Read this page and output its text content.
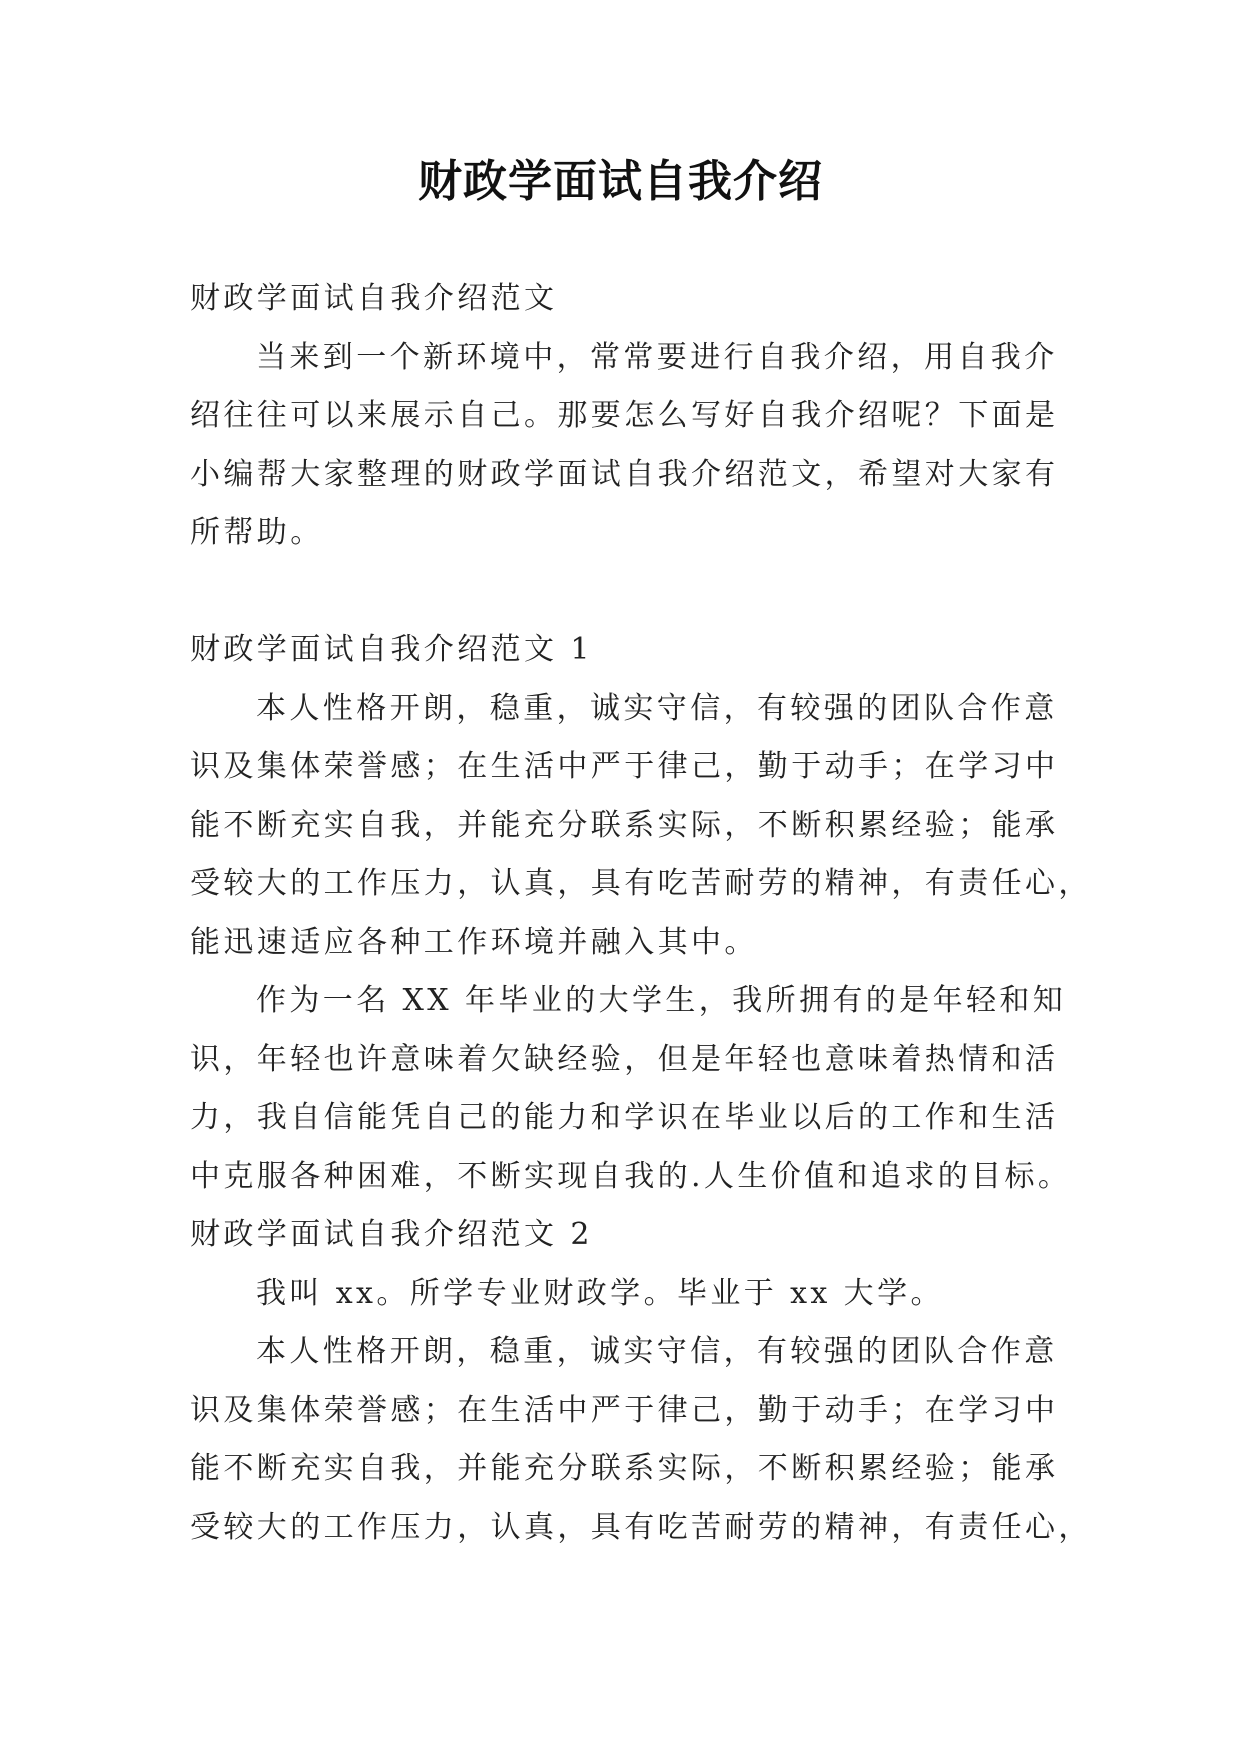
财政学面试自我介绍

财政学面试自我介绍范文

当来到一个新环境中，常常要进行自我介绍，用自我介

绍往往可以来展示自己。那要怎么写好自我介绍呢？下面是

小编帮大家整理的财政学面试自我介绍范文，希望对大家有

所帮助。

财政学面试自我介绍范文 1

本人性格开朗，稳重，诚实守信，有较强的团队合作意

识及集体荣誉感；在生活中严于律己，勤于动手；在学习中

能不断充实自我，并能充分联系实际，不断积累经验；能承

受较大的工作压力，认真，具有吃苦耐劳的精神，有责任心，

能迅速适应各种工作环境并融入其中。

作为一名 XX 年毕业的大学生，我所拥有的是年轻和知

识，年轻也许意味着欠缺经验，但是年轻也意味着热情和活

力，我自信能凭自己的能力和学识在毕业以后的工作和生活

中克服各种困难，不断实现自我的.人生价值和追求的目标。

财政学面试自我介绍范文 2

我叫 xx。所学专业财政学。毕业于 xx 大学。

本人性格开朗，稳重，诚实守信，有较强的团队合作意

识及集体荣誉感；在生活中严于律己，勤于动手；在学习中

能不断充实自我，并能充分联系实际，不断积累经验；能承

受较大的工作压力，认真，具有吃苦耐劳的精神，有责任心，
